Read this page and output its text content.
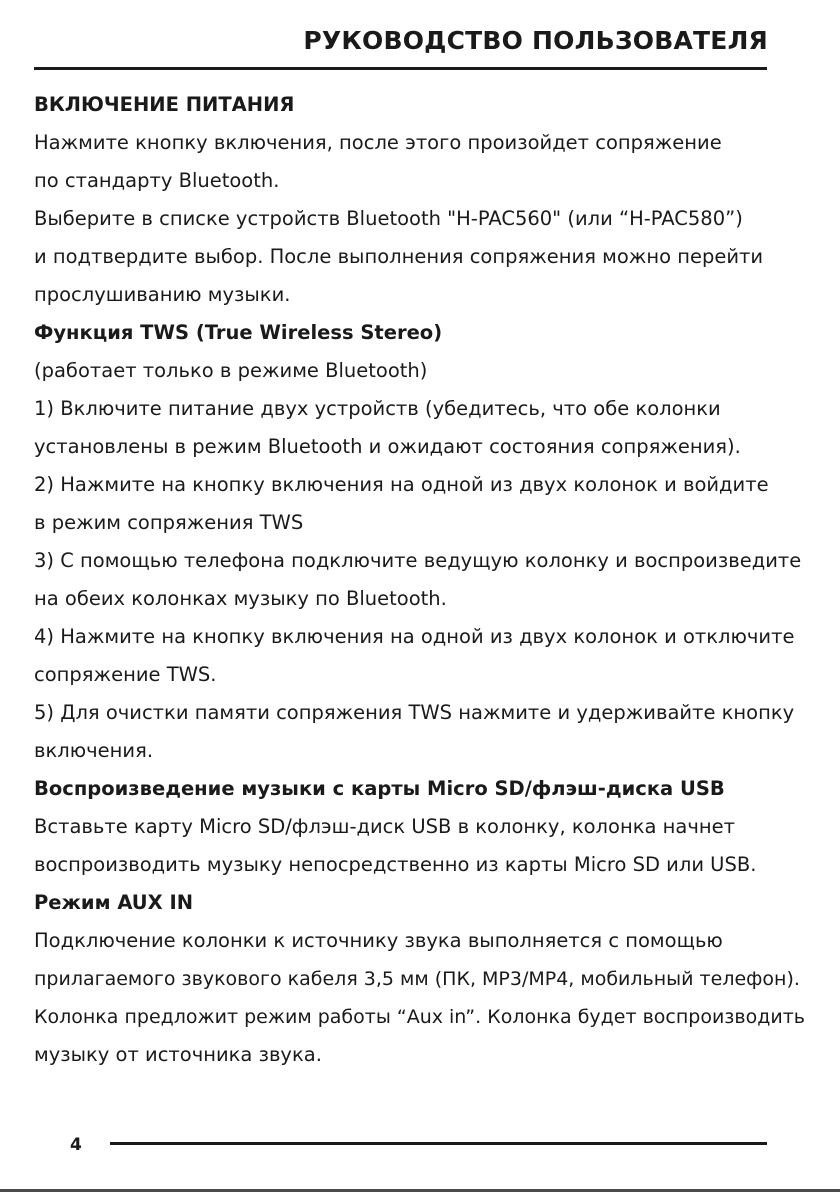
РУКОВОДСТВО ПОЛЬЗОВАТЕЛЯ
ВКЛЮЧЕНИЕ ПИТАНИЯ
Нажмите кнопку включения, после этого произойдет сопряжение
по стандарту Bluetooth.
Выберите в списке устройств Bluetooth "H-PAC560" (или “H-PAC580”)
и подтвердите выбор. После выполнения сопряжения можно перейти
прослушиванию музыки.
Функция TWS (True Wireless Stereo)
(работает только в режиме Bluetooth)
1) Включите питание двух устройств (убедитесь, что обе колонки
установлены в режим Bluetooth и ожидают состояния сопряжения).
2) Нажмите на кнопку включения на одной из двух колонок и войдите
в режим сопряжения TWS
3) С помощью телефона подключите ведущую колонку и воспроизведите
на обеих колонках музыку по Bluetooth.
4) Нажмите на кнопку включения на одной из двух колонок и отключите
сопряжение TWS.
5) Для очистки памяти сопряжения TWS нажмите и удерживайте кнопку
включения.
Воспроизведение музыки с карты Micro SD/флэш-диска USB
Вставьте карту Micro SD/флэш-диск USB в колонку, колонка начнет
воспроизводить музыку непосредственно из карты Micro SD или USB.
Режим AUX IN
Подключение колонки к источнику звука выполняется с помощью
прилагаемого звукового кабеля 3,5 мм (ПК, MP3/MP4, мобильный телефон).
Колонка предложит режим работы “Aux in”. Колонка будет воспроизводить
музыку от источника звука.
4
